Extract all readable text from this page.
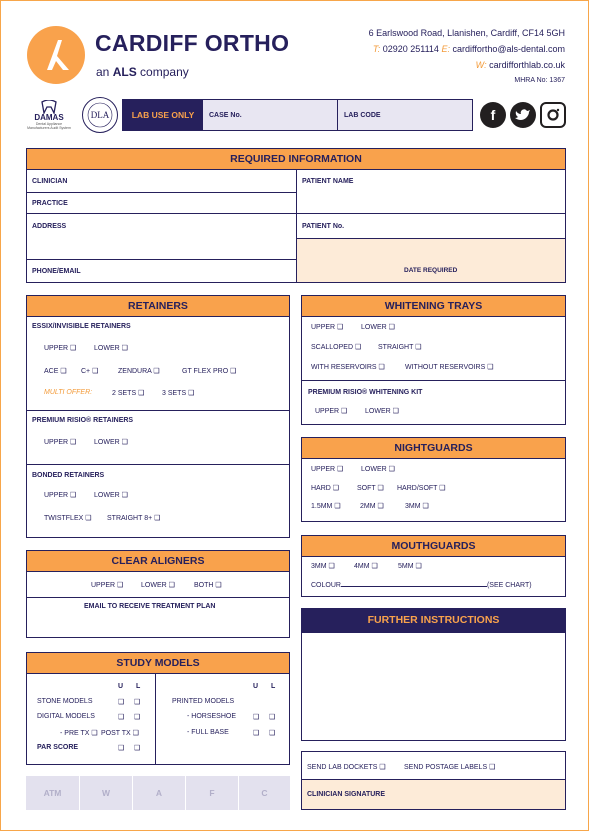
CARDIFF ORTHO
an ALS company
6 Earlswood Road, Llanishen, Cardiff, CF14 5GH
T: 02920 251114 E: cardiffortho@als-dental.com
W: cardifforthlab.co.uk
MHRA No: 1367
DAMAS
Dental Appliance Manufacturers Audit System
DLA	LAB USE ONLY	CASE No.	LAB CODE	f
REQUIRED INFORMATION
CLINICIAN	PATIENT NAME
PRACTICE
ADDRESS	PATIENT No.
PHONE/EMAIL	DATE REQUIRED
RETAINERS
ESSIX/INVISIBLE RETAINERS
UPPER ❑	LOWER ❑
ACE ❑ C+ ❑	ZENDURA ❑	GT FLEX PRO ❑
MULTI OFFER:	2 SETS ❑	3 SETS ❑
PREMIUM RISIO® RETAINERS
UPPER ❑	LOWER ❑
BONDED RETAINERS
UPPER ❑	LOWER ❑
TWISTFLEX ❑ STRAIGHT 8+ ❑
CLEAR ALIGNERS
UPPER ❑	LOWER ❑	BOTH ❑
EMAIL TO RECEIVE TREATMENT PLAN
STUDY MODELS
U L	U L
STONE MODELS	❑ ❑
DIGITAL MODELS	❑ ❑
- PRE TX ❑ POST TX ❑
PAR SCORE	❑ ❑
PRINTED MODELS
- HORSESHOE ❑ ❑
- FULL BASE	❑ ❑
ATM	W	A	F	C
WHITENING TRAYS
UPPER ❑	LOWER ❑
SCALLOPED ❑ STRAIGHT ❑
WITH RESERVOIRS ❑	WITHOUT RESERVOIRS ❑
PREMIUM RISIO® WHITENING KIT
UPPER ❑	LOWER ❑
NIGHTGUARDS
UPPER ❑	LOWER ❑
HARD ❑	SOFT ❑ HARD/SOFT ❑
1.5MM ❑	2MM ❑	3MM ❑
MOUTHGUARDS
3MM ❑	4MM ❑	5MM ❑
COLOUR	(SEE CHART)
FURTHER INSTRUCTIONS
SEND LAB DOCKETS ❑	SEND POSTAGE LABELS ❑
CLINICIAN SIGNATURE
